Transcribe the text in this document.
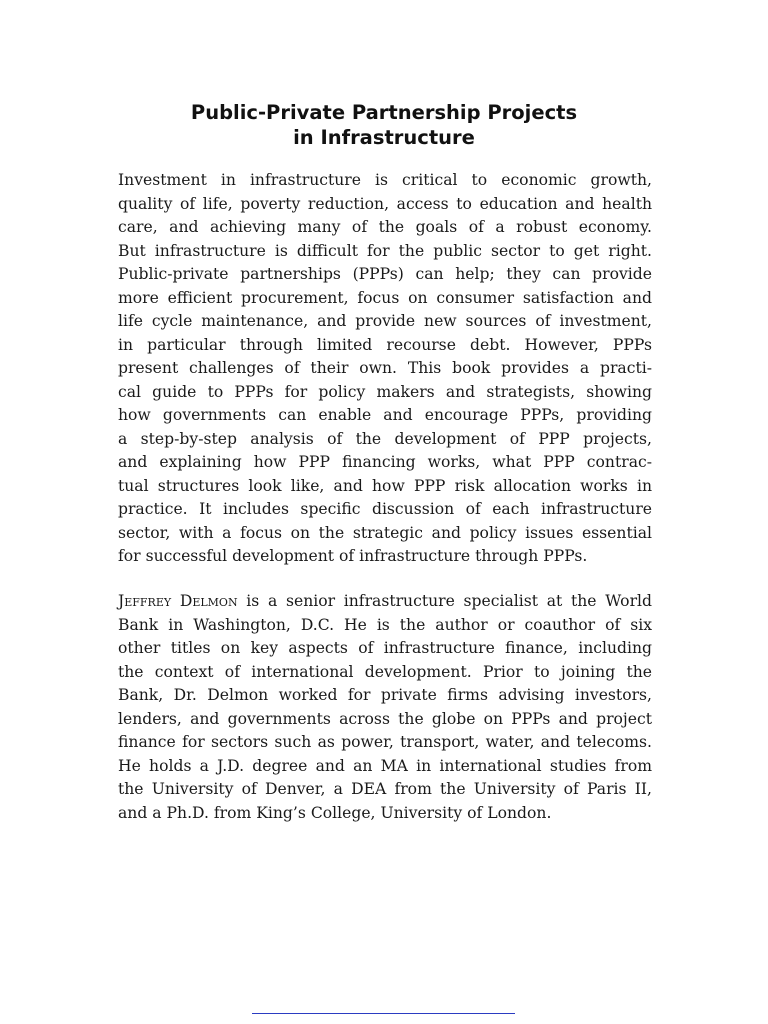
Public-Private Partnership Projects
in Infrastructure
Investment in infrastructure is critical to economic growth,
quality of life, poverty reduction, access to education and health
care, and achieving many of the goals of a robust economy.
But infrastructure is difficult for the public sector to get right.
Public-private partnerships (PPPs) can help; they can provide
more efficient procurement, focus on consumer satisfaction and
life cycle maintenance, and provide new sources of investment,
in particular through limited recourse debt. However, PPPs
present challenges of their own. This book provides a practi-
cal guide to PPPs for policy makers and strategists, showing
how governments can enable and encourage PPPs, providing
a step-by-step analysis of the development of PPP projects,
and explaining how PPP financing works, what PPP contrac-
tual structures look like, and how PPP risk allocation works in
practice. It includes specific discussion of each infrastructure
sector, with a focus on the strategic and policy issues essential
for successful development of infrastructure through PPPs.
Jeffrey Delmon is a senior infrastructure specialist at the World
Bank in Washington, D.C. He is the author or coauthor of six
other titles on key aspects of infrastructure finance, including
the context of international development. Prior to joining the
Bank, Dr. Delmon worked for private firms advising investors,
lenders, and governments across the globe on PPPs and project
finance for sectors such as power, transport, water, and telecoms.
He holds a J.D. degree and an MA in international studies from
the University of Denver, a DEA from the University of Paris II,
and a Ph.D. from King’s College, University of London.
